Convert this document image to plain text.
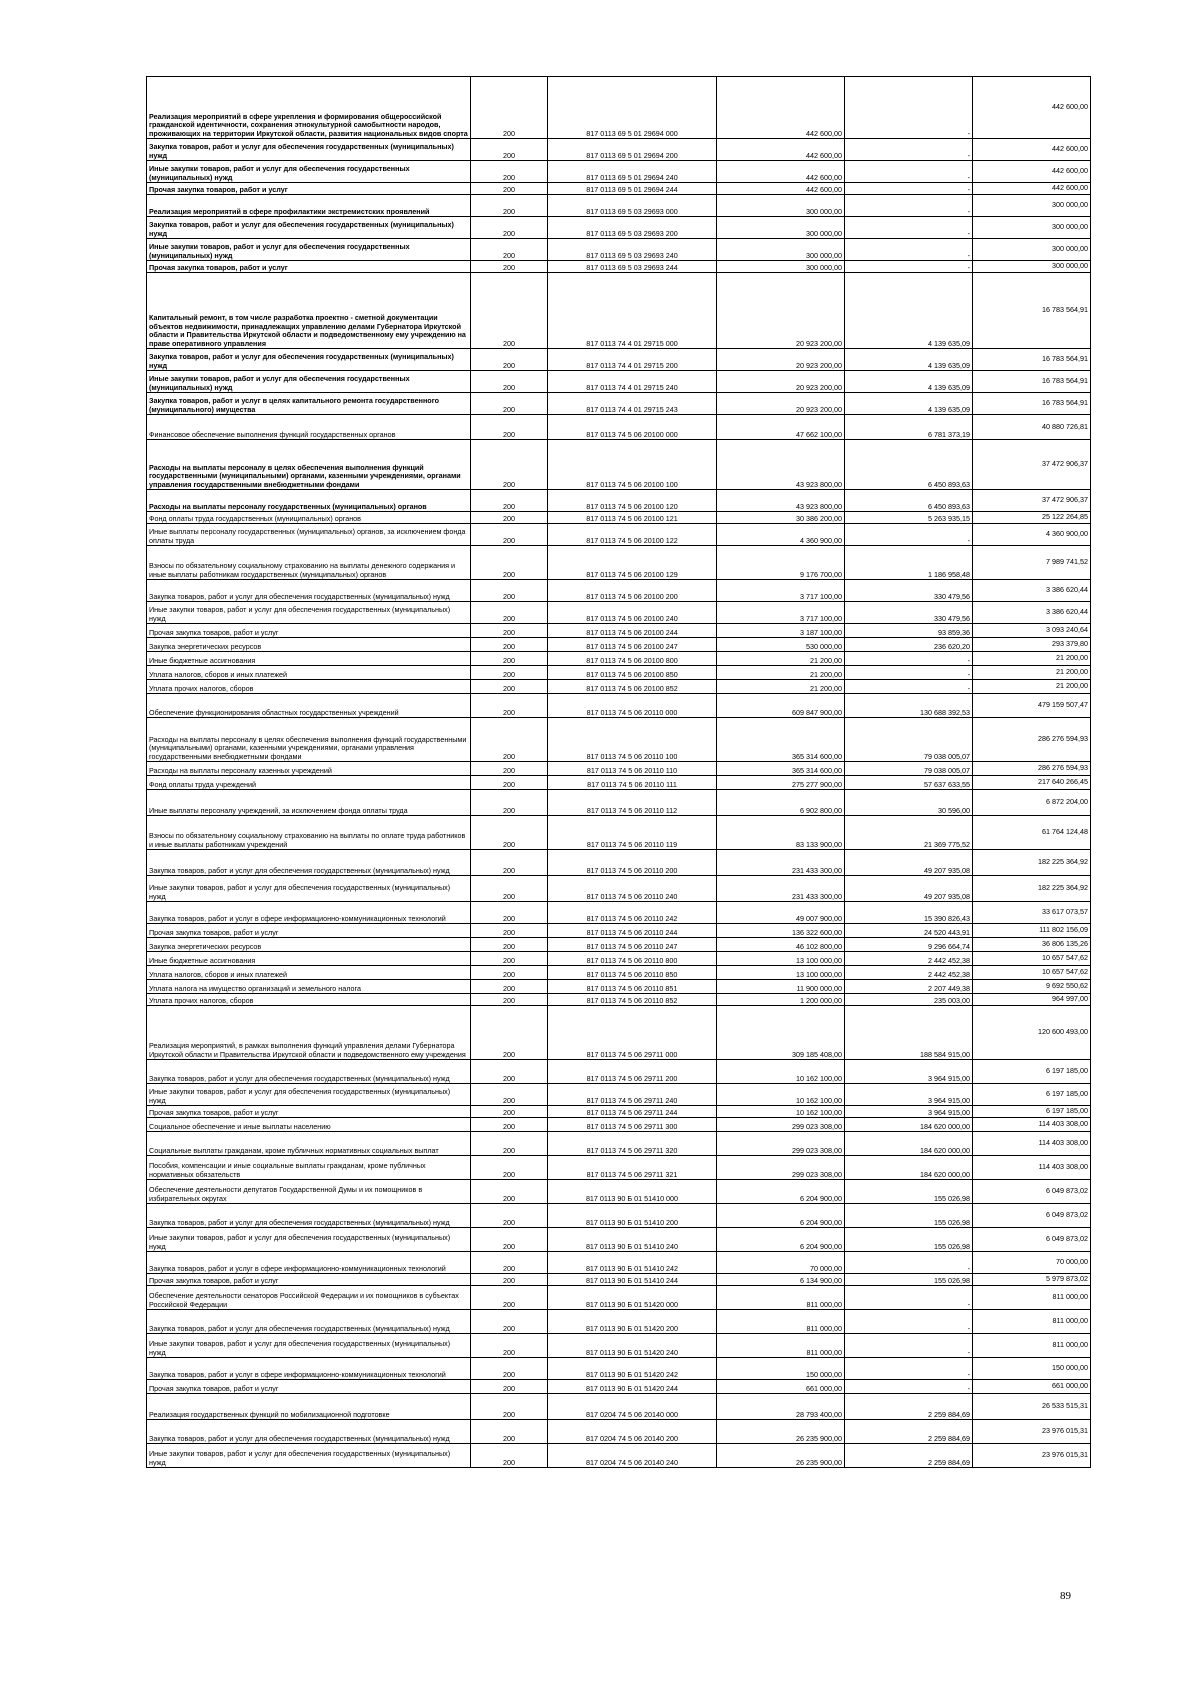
Реализация мероприятий в сфере укрепления и формирования общероссийской гражданской идентичности, сохранения этнокультурной самобытности народов, проживающих на территории Иркутской области, развития национальных видов спорта	200	817 0113 69 5 01 29694 000	442 600,00	-	442 600,00
Закупка товаров, работ и услуг для обеспечения государственных (муниципальных) нужд	200	817 0113 69 5 01 29694 200	442 600,00	-	442 600,00
Иные закупки товаров, работ и услуг для обеспечения государственных (муниципальных) нужд	200	817 0113 69 5 01 29694 240	442 600,00	-	442 600,00
Прочая закупка товаров, работ и услуг	200	817 0113 69 5 01 29694 244	442 600,00	-	442 600,00
Реализация мероприятий в сфере профилактики экстремистских проявлений	200	817 0113 69 5 03 29693 000	300 000,00	-	300 000,00
Закупка товаров, работ и услуг для обеспечения государственных (муниципальных) нужд	200	817 0113 69 5 03 29693 200	300 000,00	-	300 000,00
Иные закупки товаров, работ и услуг для обеспечения государственных (муниципальных) нужд	200	817 0113 69 5 03 29693 240	300 000,00	-	300 000,00
Прочая закупка товаров, работ и услуг	200	817 0113 69 5 03 29693 244	300 000,00	-	300 000,00
Капитальный ремонт, в том числе разработка проектно - сметной документации объектов недвижимости, принадлежащих управлению делами Губернатора Иркутской области и Правительства Иркутской области и подведомственному ему учреждению на праве оперативного управления	200	817 0113 74 4 01 29715 000	20 923 200,00	4 139 635,09	16 783 564,91
Закупка товаров, работ и услуг для обеспечения государственных (муниципальных) нужд	200	817 0113 74 4 01 29715 200	20 923 200,00	4 139 635,09	16 783 564,91
Иные закупки товаров, работ и услуг для обеспечения государственных (муниципальных) нужд	200	817 0113 74 4 01 29715 240	20 923 200,00	4 139 635,09	16 783 564,91
Закупка товаров, работ и услуг в целях капитального ремонта государственного (муниципального) имущества	200	817 0113 74 4 01 29715 243	20 923 200,00	4 139 635,09	16 783 564,91
Финансовое обеспечение выполнения функций государственных органов	200	817 0113 74 5 06 20100 000	47 662 100,00	6 781 373,19	40 880 726,81
Расходы на выплаты персоналу в целях обеспечения выполнения функций государственными (муниципальными) органами, казенными учреждениями, органами управления государственными внебюджетными фондами	200	817 0113 74 5 06 20100 100	43 923 800,00	6 450 893,63	37 472 906,37
Расходы на выплаты персоналу государственных (муниципальных) органов	200	817 0113 74 5 06 20100 120	43 923 800,00	6 450 893,63	37 472 906,37
Фонд оплаты труда государственных (муниципальных) органов	200	817 0113 74 5 06 20100 121	30 386 200,00	5 263 935,15	25 122 264,85
Иные выплаты персоналу государственных (муниципальных) органов, за исключением фонда оплаты труда	200	817 0113 74 5 06 20100 122	4 360 900,00	-	4 360 900,00
Взносы по обязательному социальному страхованию на выплаты денежного содержания и иные выплаты работникам государственных (муниципальных) органов	200	817 0113 74 5 06 20100 129	9 176 700,00	1 186 958,48	7 989 741,52
Закупка товаров, работ и услуг для обеспечения государственных (муниципальных) нужд	200	817 0113 74 5 06 20100 200	3 717 100,00	330 479,56	3 386 620,44
Иные закупки товаров, работ и услуг для обеспечения государственных (муниципальных) нужд	200	817 0113 74 5 06 20100 240	3 717 100,00	330 479,56	3 386 620,44
Прочая закупка товаров, работ и услуг	200	817 0113 74 5 06 20100 244	3 187 100,00	93 859,36	3 093 240,64
Закупка энергетических ресурсов	200	817 0113 74 5 06 20100 247	530 000,00	236 620,20	293 379,80
Иные бюджетные ассигнования	200	817 0113 74 5 06 20100 800	21 200,00	-	21 200,00
Уплата налогов, сборов и иных платежей	200	817 0113 74 5 06 20100 850	21 200,00	-	21 200,00
Уплата прочих налогов, сборов	200	817 0113 74 5 06 20100 852	21 200,00	-	21 200,00
Обеспечение функционирования областных государственных учреждений	200	817 0113 74 5 06 20110 000	609 847 900,00	130 688 392,53	479 159 507,47
Расходы на выплаты персоналу в целях обеспечения выполнения функций государственными (муниципальными) органами, казенными учреждениями, органами управления государственными внебюджетными фондами	200	817 0113 74 5 06 20110 100	365 314 600,00	79 038 005,07	286 276 594,93
Расходы на выплаты персоналу казенных учреждений	200	817 0113 74 5 06 20110 110	365 314 600,00	79 038 005,07	286 276 594,93
Фонд оплаты труда учреждений	200	817 0113 74 5 06 20110 111	275 277 900,00	57 637 633,55	217 640 266,45
Иные выплаты персоналу учреждений, за исключением фонда оплаты труда	200	817 0113 74 5 06 20110 112	6 902 800,00	30 596,00	6 872 204,00
Взносы по обязательному социальному страхованию на выплаты по оплате труда работников и иные выплаты работникам учреждений	200	817 0113 74 5 06 20110 119	83 133 900,00	21 369 775,52	61 764 124,48
Закупка товаров, работ и услуг для обеспечения государственных (муниципальных) нужд	200	817 0113 74 5 06 20110 200	231 433 300,00	49 207 935,08	182 225 364,92
Иные закупки товаров, работ и услуг для обеспечения государственных (муниципальных) нужд	200	817 0113 74 5 06 20110 240	231 433 300,00	49 207 935,08	182 225 364,92
Закупка товаров, работ и услуг в сфере информационно-коммуникационных технологий	200	817 0113 74 5 06 20110 242	49 007 900,00	15 390 826,43	33 617 073,57
Прочая закупка товаров, работ и услуг	200	817 0113 74 5 06 20110 244	136 322 600,00	24 520 443,91	111 802 156,09
Закупка энергетических ресурсов	200	817 0113 74 5 06 20110 247	46 102 800,00	9 296 664,74	36 806 135,26
Иные бюджетные ассигнования	200	817 0113 74 5 06 20110 800	13 100 000,00	2 442 452,38	10 657 547,62
Уплата налогов, сборов и иных платежей	200	817 0113 74 5 06 20110 850	13 100 000,00	2 442 452,38	10 657 547,62
Уплата налога на имущество организаций и земельного налога	200	817 0113 74 5 06 20110 851	11 900 000,00	2 207 449,38	9 692 550,62
Уплата прочих налогов, сборов	200	817 0113 74 5 06 20110 852	1 200 000,00	235 003,00	964 997,00
Реализация мероприятий, в рамках выполнения функций управления делами Губернатора Иркутской области и Правительства Иркутской области и подведомственного ему учреждения	200	817 0113 74 5 06 29711 000	309 185 408,00	188 584 915,00	120 600 493,00
Закупка товаров, работ и услуг для обеспечения государственных (муниципальных) нужд	200	817 0113 74 5 06 29711 200	10 162 100,00	3 964 915,00	6 197 185,00
Иные закупки товаров, работ и услуг для обеспечения государственных (муниципальных) нужд	200	817 0113 74 5 06 29711 240	10 162 100,00	3 964 915,00	6 197 185,00
Прочая закупка товаров, работ и услуг	200	817 0113 74 5 06 29711 244	10 162 100,00	3 964 915,00	6 197 185,00
Социальное обеспечение и иные выплаты населению	200	817 0113 74 5 06 29711 300	299 023 308,00	184 620 000,00	114 403 308,00
Социальные выплаты гражданам, кроме публичных нормативных социальных выплат	200	817 0113 74 5 06 29711 320	299 023 308,00	184 620 000,00	114 403 308,00
Пособия, компенсации и иные социальные выплаты гражданам, кроме публичных нормативных обязательств	200	817 0113 74 5 06 29711 321	299 023 308,00	184 620 000,00	114 403 308,00
Обеспечение деятельности депутатов Государственной Думы и их помощников в избирательных округах	200	817 0113 90 Б 01 51410 000	6 204 900,00	155 026,98	6 049 873,02
Закупка товаров, работ и услуг для обеспечения государственных (муниципальных) нужд	200	817 0113 90 Б 01 51410 200	6 204 900,00	155 026,98	6 049 873,02
Иные закупки товаров, работ и услуг для обеспечения государственных (муниципальных) нужд	200	817 0113 90 Б 01 51410 240	6 204 900,00	155 026,98	6 049 873,02
Закупка товаров, работ и услуг в сфере информационно-коммуникационных технологий	200	817 0113 90 Б 01 51410 242	70 000,00	-	70 000,00
Прочая закупка товаров, работ и услуг	200	817 0113 90 Б 01 51410 244	6 134 900,00	155 026,98	5 979 873,02
Обеспечение деятельности сенаторов Российской Федерации и их помощников в субъектах Российской Федерации	200	817 0113 90 Б 01 51420 000	811 000,00	-	811 000,00
Закупка товаров, работ и услуг для обеспечения государственных (муниципальных) нужд	200	817 0113 90 Б 01 51420 200	811 000,00	-	811 000,00
Иные закупки товаров, работ и услуг для обеспечения государственных (муниципальных) нужд	200	817 0113 90 Б 01 51420 240	811 000,00	-	811 000,00
Закупка товаров, работ и услуг в сфере информационно-коммуникационных технологий	200	817 0113 90 Б 01 51420 242	150 000,00	-	150 000,00
Прочая закупка товаров, работ и услуг	200	817 0113 90 Б 01 51420 244	661 000,00	-	661 000,00
Реализация государственных функций по мобилизационной подготовке	200	817 0204 74 5 06 20140 000	28 793 400,00	2 259 884,69	26 533 515,31
Закупка товаров, работ и услуг для обеспечения государственных (муниципальных) нужд	200	817 0204 74 5 06 20140 200	26 235 900,00	2 259 884,69	23 976 015,31
Иные закупки товаров, работ и услуг для обеспечения государственных (муниципальных) нужд	200	817 0204 74 5 06 20140 240	26 235 900,00	2 259 884,69	23 976 015,31
89
